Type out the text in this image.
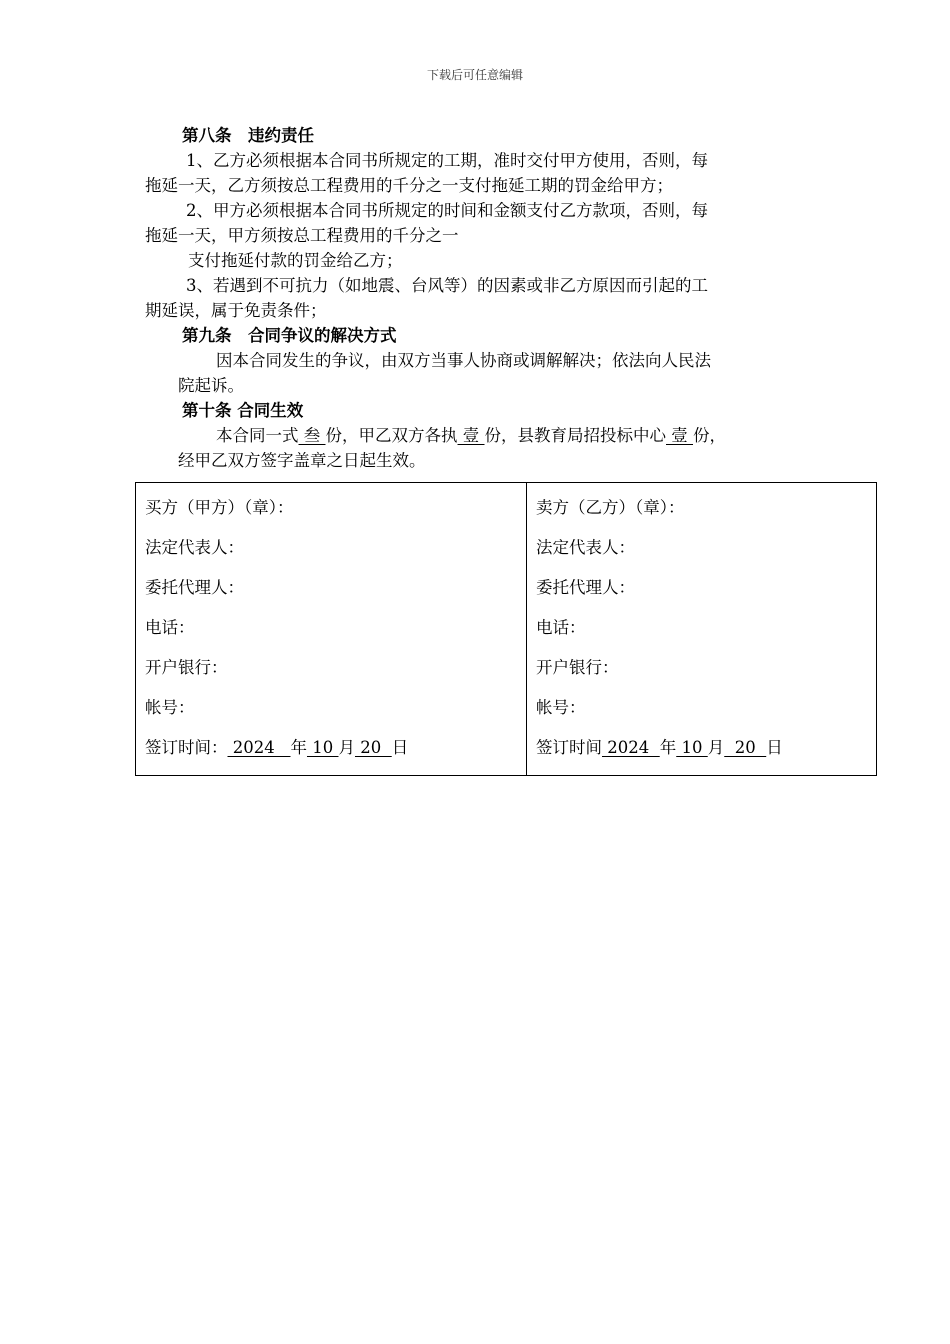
下载后可任意编辑
第八条　违约责任
1、乙方必须根据本合同书所规定的工期，准时交付甲方使用，否则，每
拖延一天，乙方须按总工程费用的千分之一支付拖延工期的罚金给甲方；
2、甲方必须根据本合同书所规定的时间和金额支付乙方款项，否则，每
拖延一天，甲方须按总工程费用的千分之一
支付拖延付款的罚金给乙方；
3、若遇到不可抗力（如地震、台风等）的因素或非乙方原因而引起的工
期延误，属于免责条件；
第九条　合同争议的解决方式
因本合同发生的争议，由双方当事人协商或调解解决；依法向人民法
院起诉。
第十条 合同生效
本合同一式 叁 份，甲乙双方各执 壹 份，县教育局招投标中心 壹 份，
经甲乙双方签字盖章之日起生效。
买方（甲方）（章）：
法定代表人：
委托代理人：
电话：
开户银行：
帐号：
签订时间： 2024   年 10 月 20  日

卖方（乙方）（章）：
法定代表人：
委托代理人：
电话：
开户银行：
帐号：
签订时间 2024  年 10 月  20  日
